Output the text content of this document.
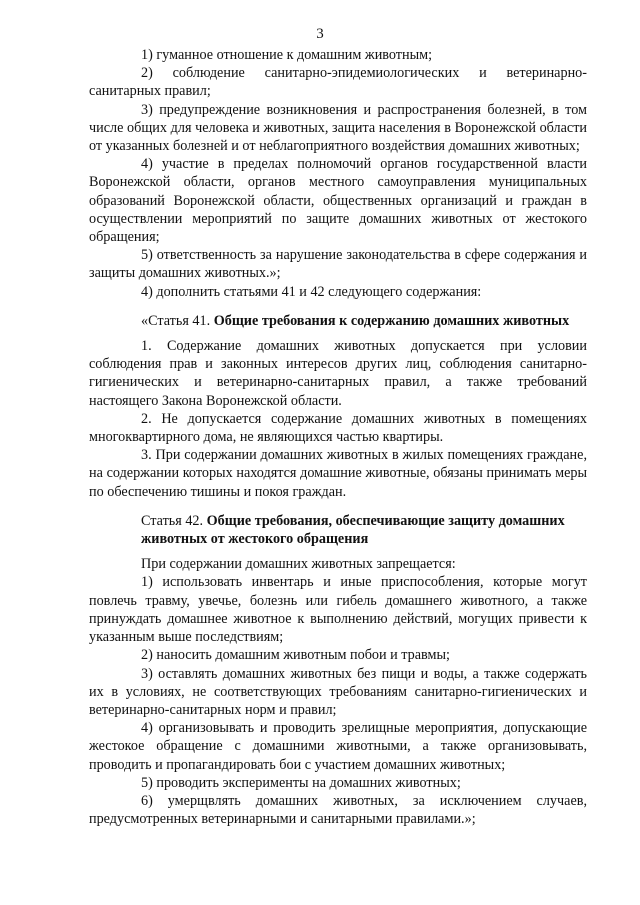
3

1) гуманное отношение к домашним животным;

2) соблюдение санитарно-эпидемиологических и ветеринарно-санитарных правил;

3) предупреждение возникновения и распространения болезней, в том числе общих для человека и животных, защита населения в Воронежской области от указанных болезней и от неблагоприятного воздействия домашних животных;

4) участие в пределах полномочий органов государственной власти Воронежской области, органов местного самоуправления муниципальных образований Воронежской области, общественных организаций и граждан в осуществлении мероприятий по защите домашних животных от жестокого обращения;

5) ответственность за нарушение законодательства в сфере содержания и защиты домашних животных.»;

4) дополнить статьями 41 и 42 следующего содержания:

«Статья 41. Общие требования к содержанию домашних животных

1. Содержание домашних животных допускается при условии соблюдения прав и законных интересов других лиц, соблюдения санитарно-гигиенических и ветеринарно-санитарных правил, а также требований настоящего Закона Воронежской области.

2. Не допускается содержание домашних животных в помещениях многоквартирного дома, не являющихся частью квартиры.

3. При содержании домашних животных в жилых помещениях граждане, на содержании которых находятся домашние животные, обязаны принимать меры по обеспечению тишины и покоя граждан.

Статья 42. Общие требования, обеспечивающие защиту домашних животных от жестокого обращения

При содержании домашних животных запрещается:

1) использовать инвентарь и иные приспособления, которые могут повлечь травму, увечье, болезнь или гибель домашнего животного, а также принуждать домашнее животное к выполнению действий, могущих привести к указанным выше последствиям;

2) наносить домашним животным побои и травмы;

3) оставлять домашних животных без пищи и воды, а также содержать их в условиях, не соответствующих требованиям санитарно-гигиенических и ветеринарно-санитарных норм и правил;

4) организовывать и проводить зрелищные мероприятия, допускающие жестокое обращение с домашними животными, а также организовывать, проводить и пропагандировать бои с участием домашних животных;

5) проводить эксперименты на домашних животных;

6) умерщвлять домашних животных, за исключением случаев, предусмотренных ветеринарными и санитарными правилами.»;
